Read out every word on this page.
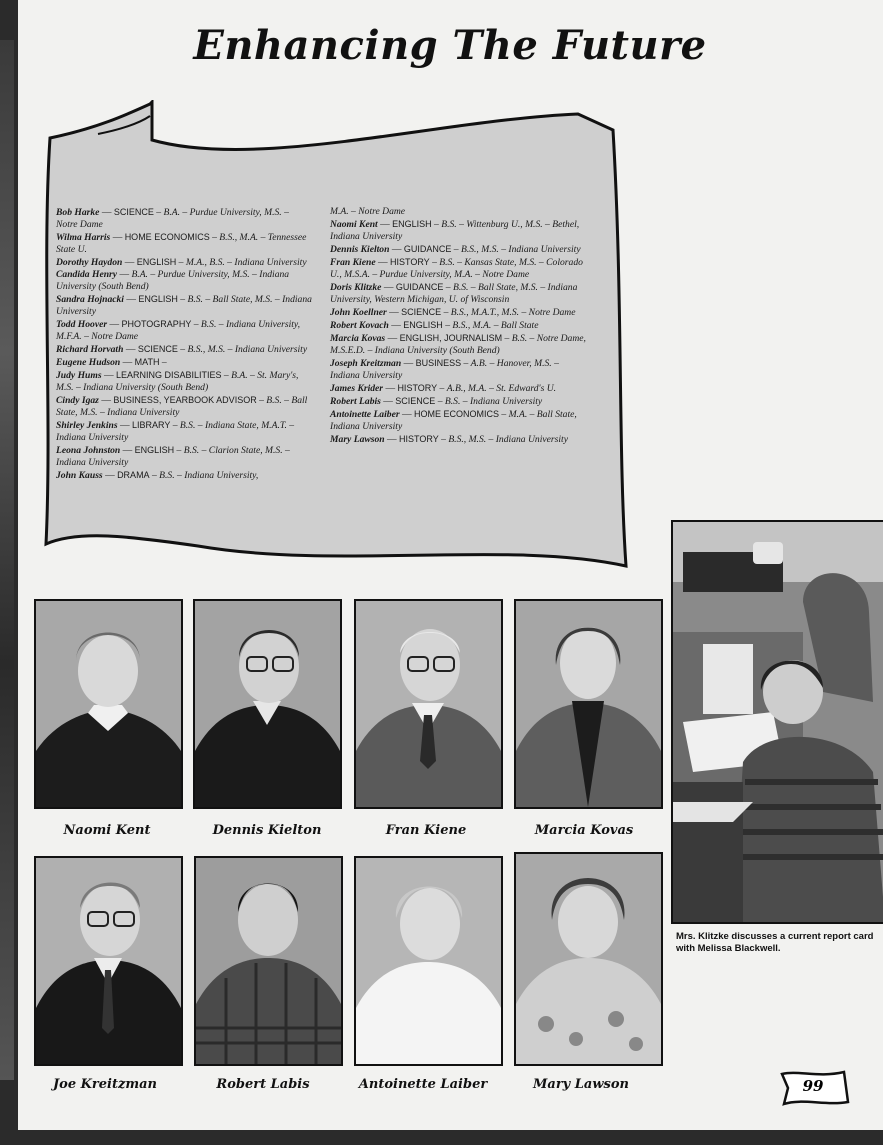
Enhancing The Future

Bob Harke — SCIENCE – B.A. – Purdue University, M.S. – Notre Dame

Wilma Harris — HOME ECONOMICS – B.S., M.A. – Tennessee State U.

Dorothy Haydon — ENGLISH – M.A., B.S. – Indiana University

Candida Henry — B.A. – Purdue University, M.S. – Indiana University (South Bend)

Sandra Hojnacki — ENGLISH – B.S. – Ball State, M.S. – Indiana University

Todd Hoover — PHOTOGRAPHY – B.S. – Indiana University, M.F.A. – Notre Dame

Richard Horvath — SCIENCE – B.S., M.S. – Indiana University

Eugene Hudson — MATH –

Judy Hums — LEARNING DISABILITIES – B.A. – St. Mary's, M.S. – Indiana University (South Bend)

Cindy Igaz — BUSINESS, YEARBOOK ADVISOR – B.S. – Ball State, M.S. – Indiana University

Shirley Jenkins — LIBRARY – B.S. – Indiana State, M.A.T. – Indiana University

Leona Johnston — ENGLISH – B.S. – Clarion State, M.S. – Indiana University

John Kauss — DRAMA – B.S. – Indiana University,

M.A. – Notre Dame

Naomi Kent — ENGLISH – B.S. – Wittenburg U., M.S. – Bethel, Indiana University

Dennis Kielton — GUIDANCE – B.S., M.S. – Indiana University

Fran Kiene — HISTORY – B.S. – Kansas State, M.S. – Colorado U., M.S.A. – Purdue University, M.A. – Notre Dame

Doris Klitzke — GUIDANCE – B.S. – Ball State, M.S. – Indiana University, Western Michigan, U. of Wisconsin

John Koellner — SCIENCE – B.S., M.A.T., M.S. – Notre Dame

Robert Kovach — ENGLISH – B.S., M.A. – Ball State

Marcia Kovas — ENGLISH, JOURNALISM – B.S. – Notre Dame, M.S.E.D. – Indiana University (South Bend)

Joseph Kreitzman — BUSINESS – A.B. – Hanover, M.S. – Indiana University

James Krider — HISTORY – A.B., M.A. – St. Edward's U.

Robert Labis — SCIENCE – B.S. – Indiana University

Antoinette Laiber — HOME ECONOMICS – M.A. – Ball State, Indiana University

Mary Lawson — HISTORY – B.S., M.S. – Indiana University

Naomi Kent	Dennis Kielton	Fran Kiene	Marcia Kovas
Joe Kreitzman	Robert Labis	Antoinette Laiber	Mary Lawson
Mrs. Klitzke discusses a current report card with Melissa Blackwell.
99
